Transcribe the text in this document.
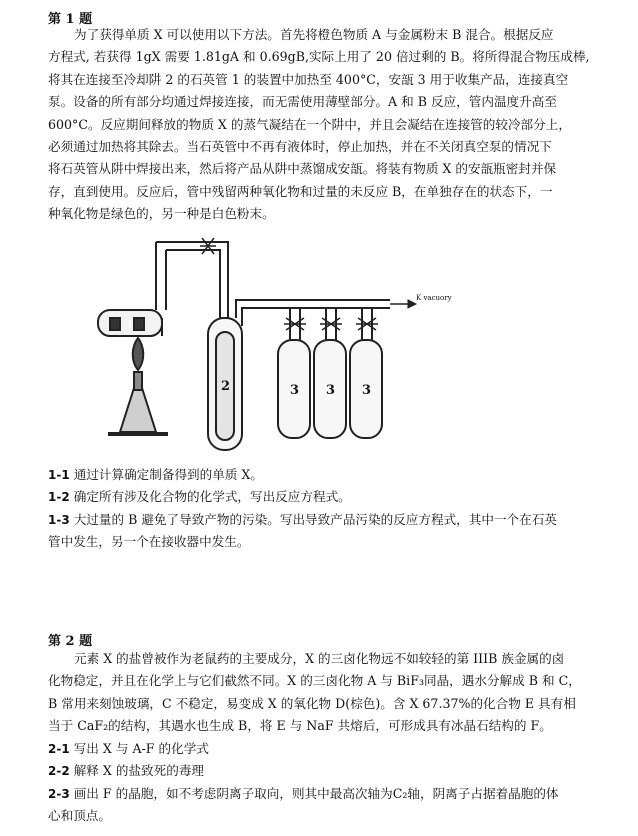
第 1 题
为了获得单质 X 可以使用以下方法。首先将橙色物质 A 与金属粉末 B 混合。根据反应
方程式, 若获得 1gX 需要 1.81gA 和 0.69gB,实际上用了 20 倍过剩的 B。将所得混合物压成棒,
将其在连接至冷却阱 2 的石英管 1 的装置中加热至 400°C，安瓿 3 用于收集产品，连接真空
泵。设备的所有部分均通过焊接连接，而无需使用薄壁部分。A 和 B 反应，管内温度升高至
600°C。反应期间释放的物质 X 的蒸气凝结在一个阱中，并且会凝结在连接管的较冷部分上，
必须通过加热将其除去。当石英管中不再有液体时，停止加热，并在不关闭真空泵的情况下
将石英管从阱中焊接出来，然后将产品从阱中蒸馏成安瓿。将装有物质 X 的安瓿瓶密封并保
存，直到使用。反应后，管中残留两种氧化物和过量的未反应 B，在单独存在的状态下，一
种氧化物是绿色的，另一种是白色粉末。
1
2	3 3 3
K vacuory
1-1 通过计算确定制备得到的单质 X。
1-2 确定所有涉及化合物的化学式，写出反应方程式。
1-3 大过量的 B 避免了导致产物的污染。写出导致产品污染的反应方程式，其中一个在石英
管中发生，另一个在接收器中发生。
第 2 题
元素 X 的盐曾被作为老鼠药的主要成分，X 的三卤化物远不如较轻的第 IIIB 族金属的卤
化物稳定，并且在化学上与它们截然不同。X 的三卤化物 A 与 BiF₃同晶，遇水分解成 B 和 C，
B 常用来刻蚀玻璃，C 不稳定，易变成 X 的氧化物 D(棕色)。含 X 67.37%的化合物 E 具有相
当于 CaF₂的结构，其遇水也生成 B，将 E 与 NaF 共熔后，可形成具有冰晶石结构的 F。
2-1 写出 X 与 A-F 的化学式
2-2 解释 X 的盐致死的毒理
2-3 画出 F 的晶胞，如不考虑阴离子取向，则其中最高次轴为C₂轴，阴离子占据着晶胞的体
心和顶点。
